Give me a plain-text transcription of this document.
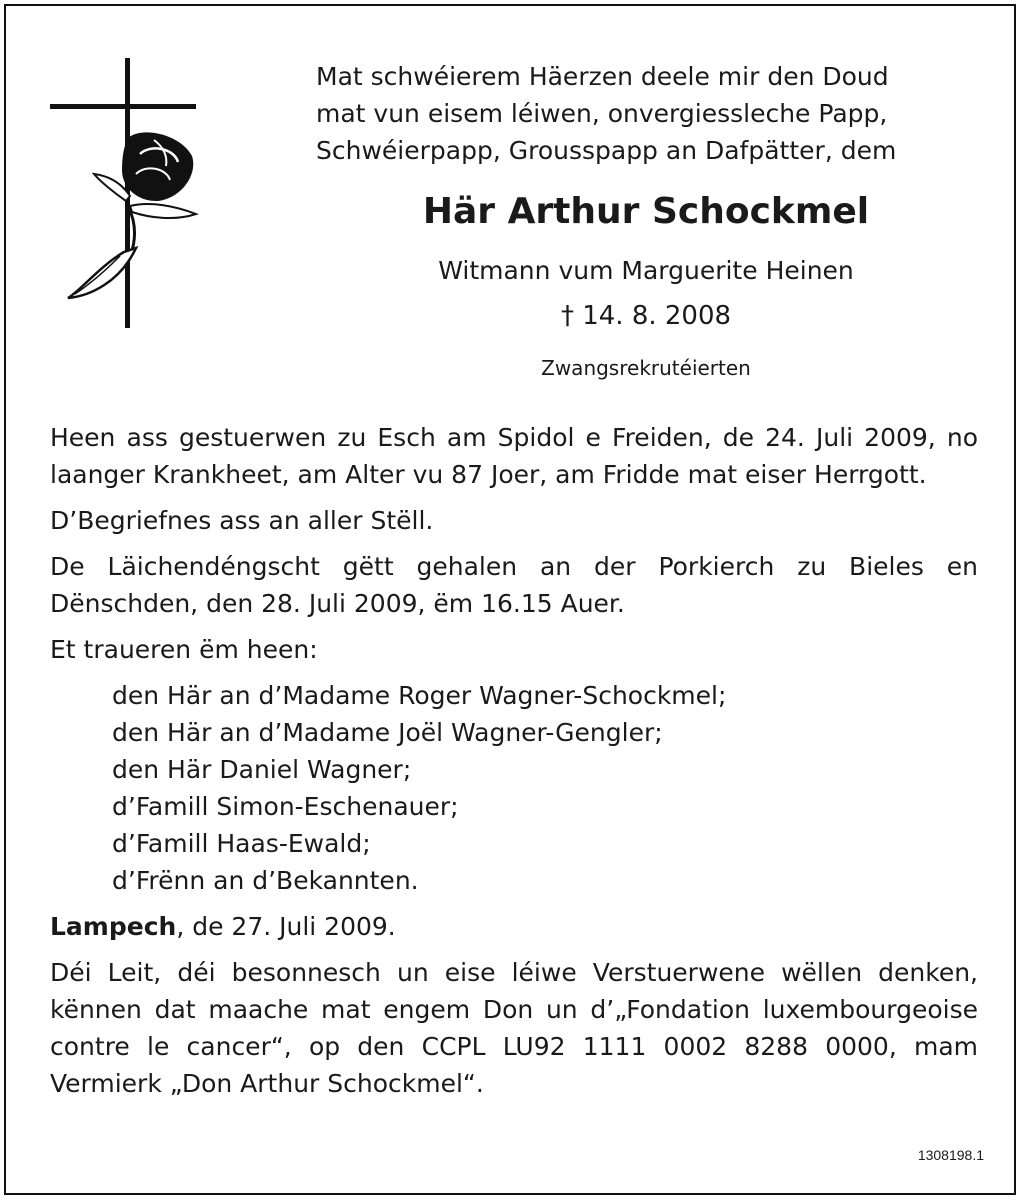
Mat schwéierem Häerzen deele mir den Doud
mat vun eisem léiwen, onvergiessleche Papp,
Schwéierpapp, Grousspapp an Dafpätter, dem
Här Arthur Schockmel
Witmann vum Marguerite Heinen
† 14. 8. 2008
Zwangsrekrutéierten

Heen ass gestuerwen zu Esch am Spidol e Freiden, de 24. Juli 2009, no laanger Krankheet, am Alter vu 87 Joer, am Fridde mat eiser Herrgott.

D’Begriefnes ass an aller Stëll.

De Läichendéngscht gëtt gehalen an der Porkierch zu Bieles en Dënschden, den 28. Juli 2009, ëm 16.15 Auer.

Et traueren ëm heen:

den Här an d’Madame Roger Wagner-Schockmel;
den Här an d’Madame Joël Wagner-Gengler;
den Här Daniel Wagner;
d’Famill Simon-Eschenauer;
d’Famill Haas-Ewald;
d’Frënn an d’Bekannten.

Lampech, de 27. Juli 2009.

Déi Leit, déi besonnesch un eise léiwe Verstuerwene wëllen denken, kënnen dat maache mat engem Don un d’„Fondation luxembourgeoise contre le cancer“, op den CCPL LU92 1111 0002 8288 0000, mam Vermierk „Don Arthur Schockmel“.

1308198.1
